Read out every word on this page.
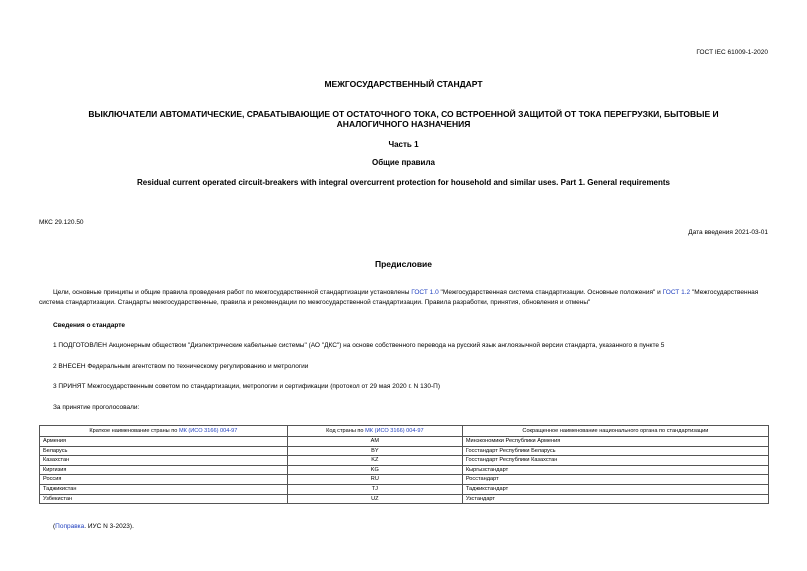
ГОСТ IEC 61009-1-2020
МЕЖГОСУДАРСТВЕННЫЙ СТАНДАРТ
ВЫКЛЮЧАТЕЛИ АВТОМАТИЧЕСКИЕ, СРАБАТЫВАЮЩИЕ ОТ ОСТАТОЧНОГО ТОКА, СО ВСТРОЕННОЙ ЗАЩИТОЙ ОТ ТОКА ПЕРЕГРУЗКИ, БЫТОВЫЕ И АНАЛОГИЧНОГО НАЗНАЧЕНИЯ
Часть 1
Общие правила
Residual current operated circuit-breakers with integral overcurrent protection for household and similar uses. Part 1. General requirements
МКС 29.120.50
Дата введения 2021-03-01
Предисловие
Цели, основные принципы и общие правила проведения работ по межгосударственной стандартизации установлены ГОСТ 1.0 "Межгосударственная система стандартизации. Основные положения" и ГОСТ 1.2 "Межгосударственная система стандартизации. Стандарты межгосударственные, правила и рекомендации по межгосударственной стандартизации. Правила разработки, принятия, обновления и отмены"
Сведения о стандарте
1 ПОДГОТОВЛЕН Акционерным обществом "Диэлектрические кабельные системы" (АО "ДКС") на основе собственного перевода на русский язык англоязычной версии стандарта, указанного в пункте 5
2 ВНЕСЕН Федеральным агентством по техническому регулированию и метрологии
3 ПРИНЯТ Межгосударственным советом по стандартизации, метрологии и сертификации (протокол от 29 мая 2020 г. N 130-П)
За принятие проголосовали:
Краткое наименование страны по МК (ИСО 3166) 004-97	Код страны по МК (ИСО 3166) 004-97	Сокращенное наименование национального органа по стандартизации
Армения	AM	Минэкономики Республики Армения
Беларусь	BY	Госстандарт Республики Беларусь
Казахстан	KZ	Госстандарт Республики Казахстан
Киргизия	KG	Кыргызстандарт
Россия	RU	Росстандарт
Таджикистан	TJ	Таджикстандарт
Узбекистан	UZ	Узстандарт
(Поправка. ИУС N 3-2023).
